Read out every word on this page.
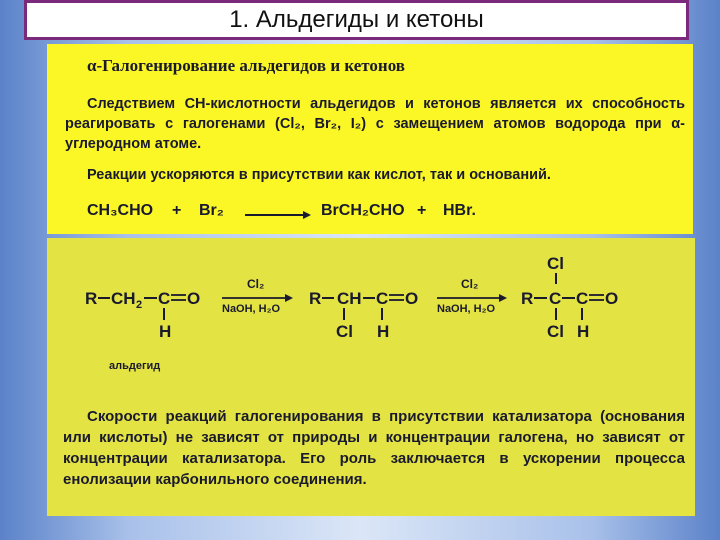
1. Альдегиды и кетоны
α-Галогенирование альдегидов и кетонов
Следствием СН-кислотности альдегидов и кетонов является их способность реагировать с галогенами (Cl₂, Br₂, I₂) с замещением атомов водорода при α-углеродном атоме.
Реакции ускоряются в присутствии как кислот, так и оснований.
CH₃CHO + Br₂	BrCH₂CHO + HBr.
R CH 2 C O
H
альдегид
Cl₂
NaOH, H₂O
R CH C O
Cl H
Cl₂
NaOH, H₂O
Cl
R C C O
Cl H
Скорости реакций галогенирования в присутствии катализатора (основания или кислоты) не зависят от природы и концентрации галогена, но зависят от концентрации катализатора. Его роль заключается в ускорении процесса енолизации карбонильного соединения.
